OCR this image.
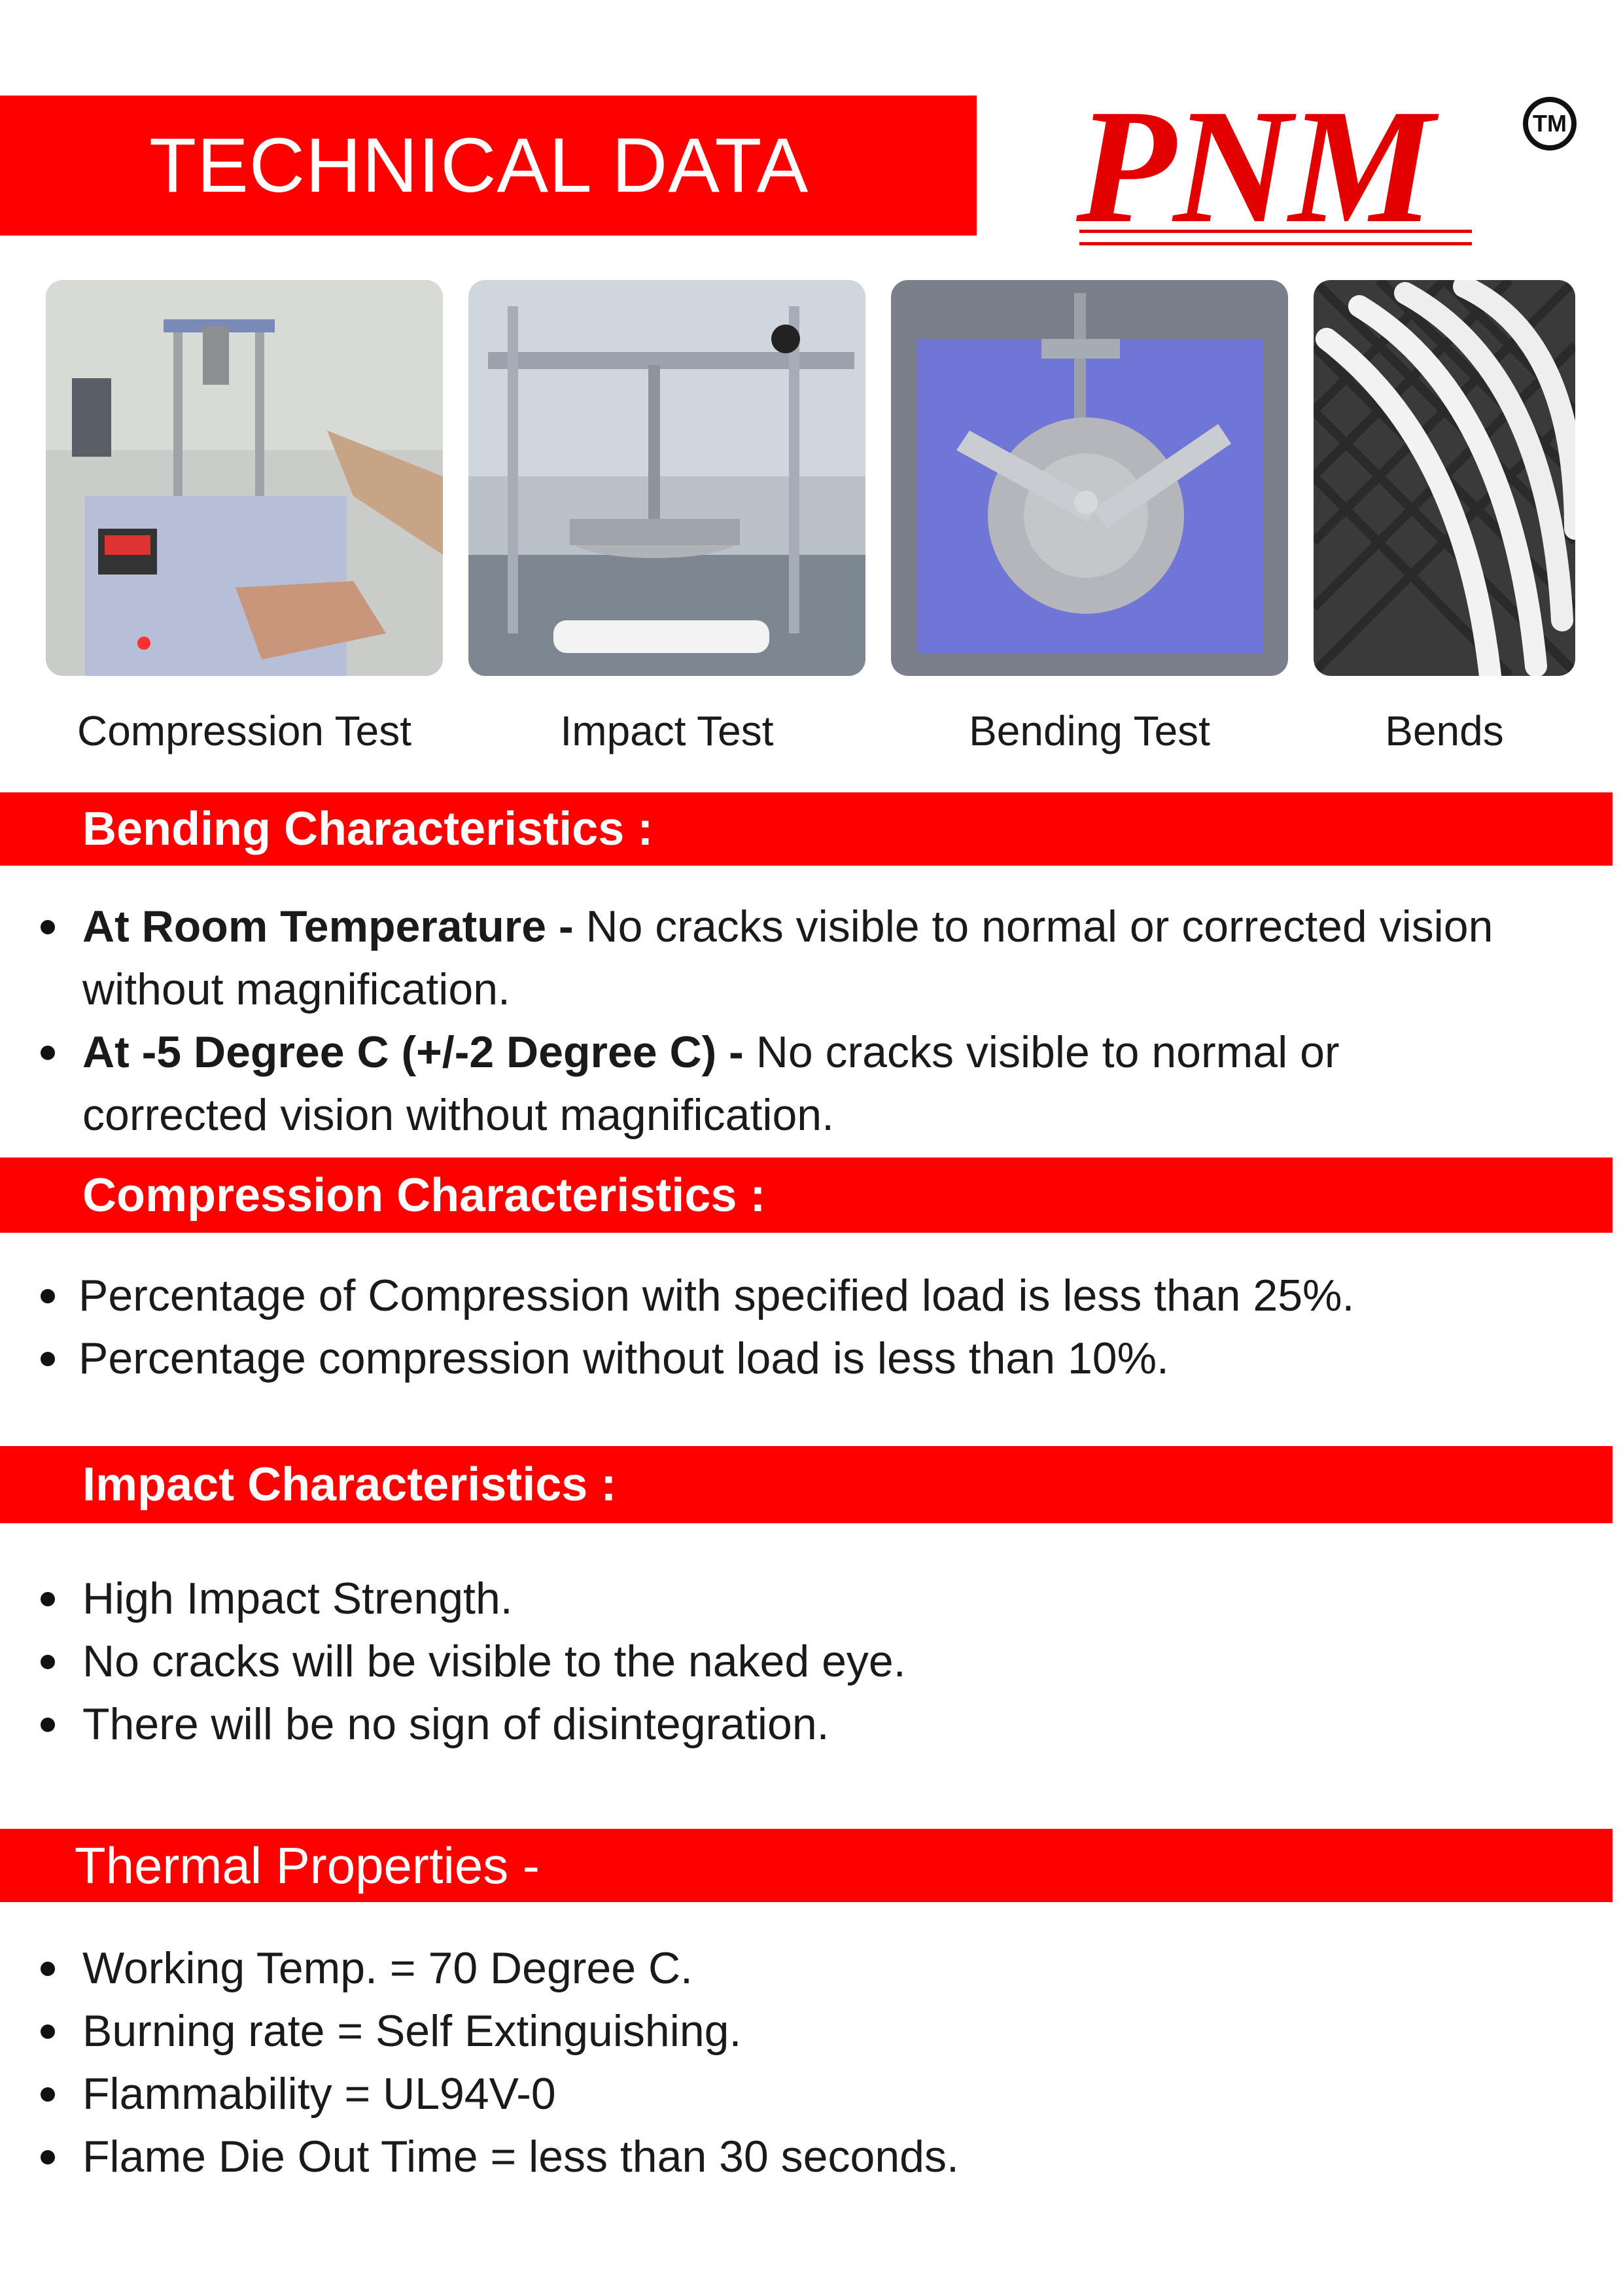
TECHNICAL DATA PNM	TM
Compression Test	Impact Test	Bending Test	Bends
Bending Characteristics :
At Room Temperature - No cracks visible to normal or corrected vision without magnification.
At -5 Degree C (+/-2 Degree C) - No cracks visible to normal or corrected vision without magnification.
Compression Characteristics :
Percentage of Compression with specified load is less than 25%.
Percentage compression without load is less than 10%.
Impact Characteristics :
High Impact Strength.
No cracks will be visible to the naked eye.
There will be no sign of disintegration.
Thermal Properties -
Working Temp. = 70 Degree C.
Burning rate = Self Extinguishing.
Flammability = UL94V-0
Flame Die Out Time = less than 30 seconds.
